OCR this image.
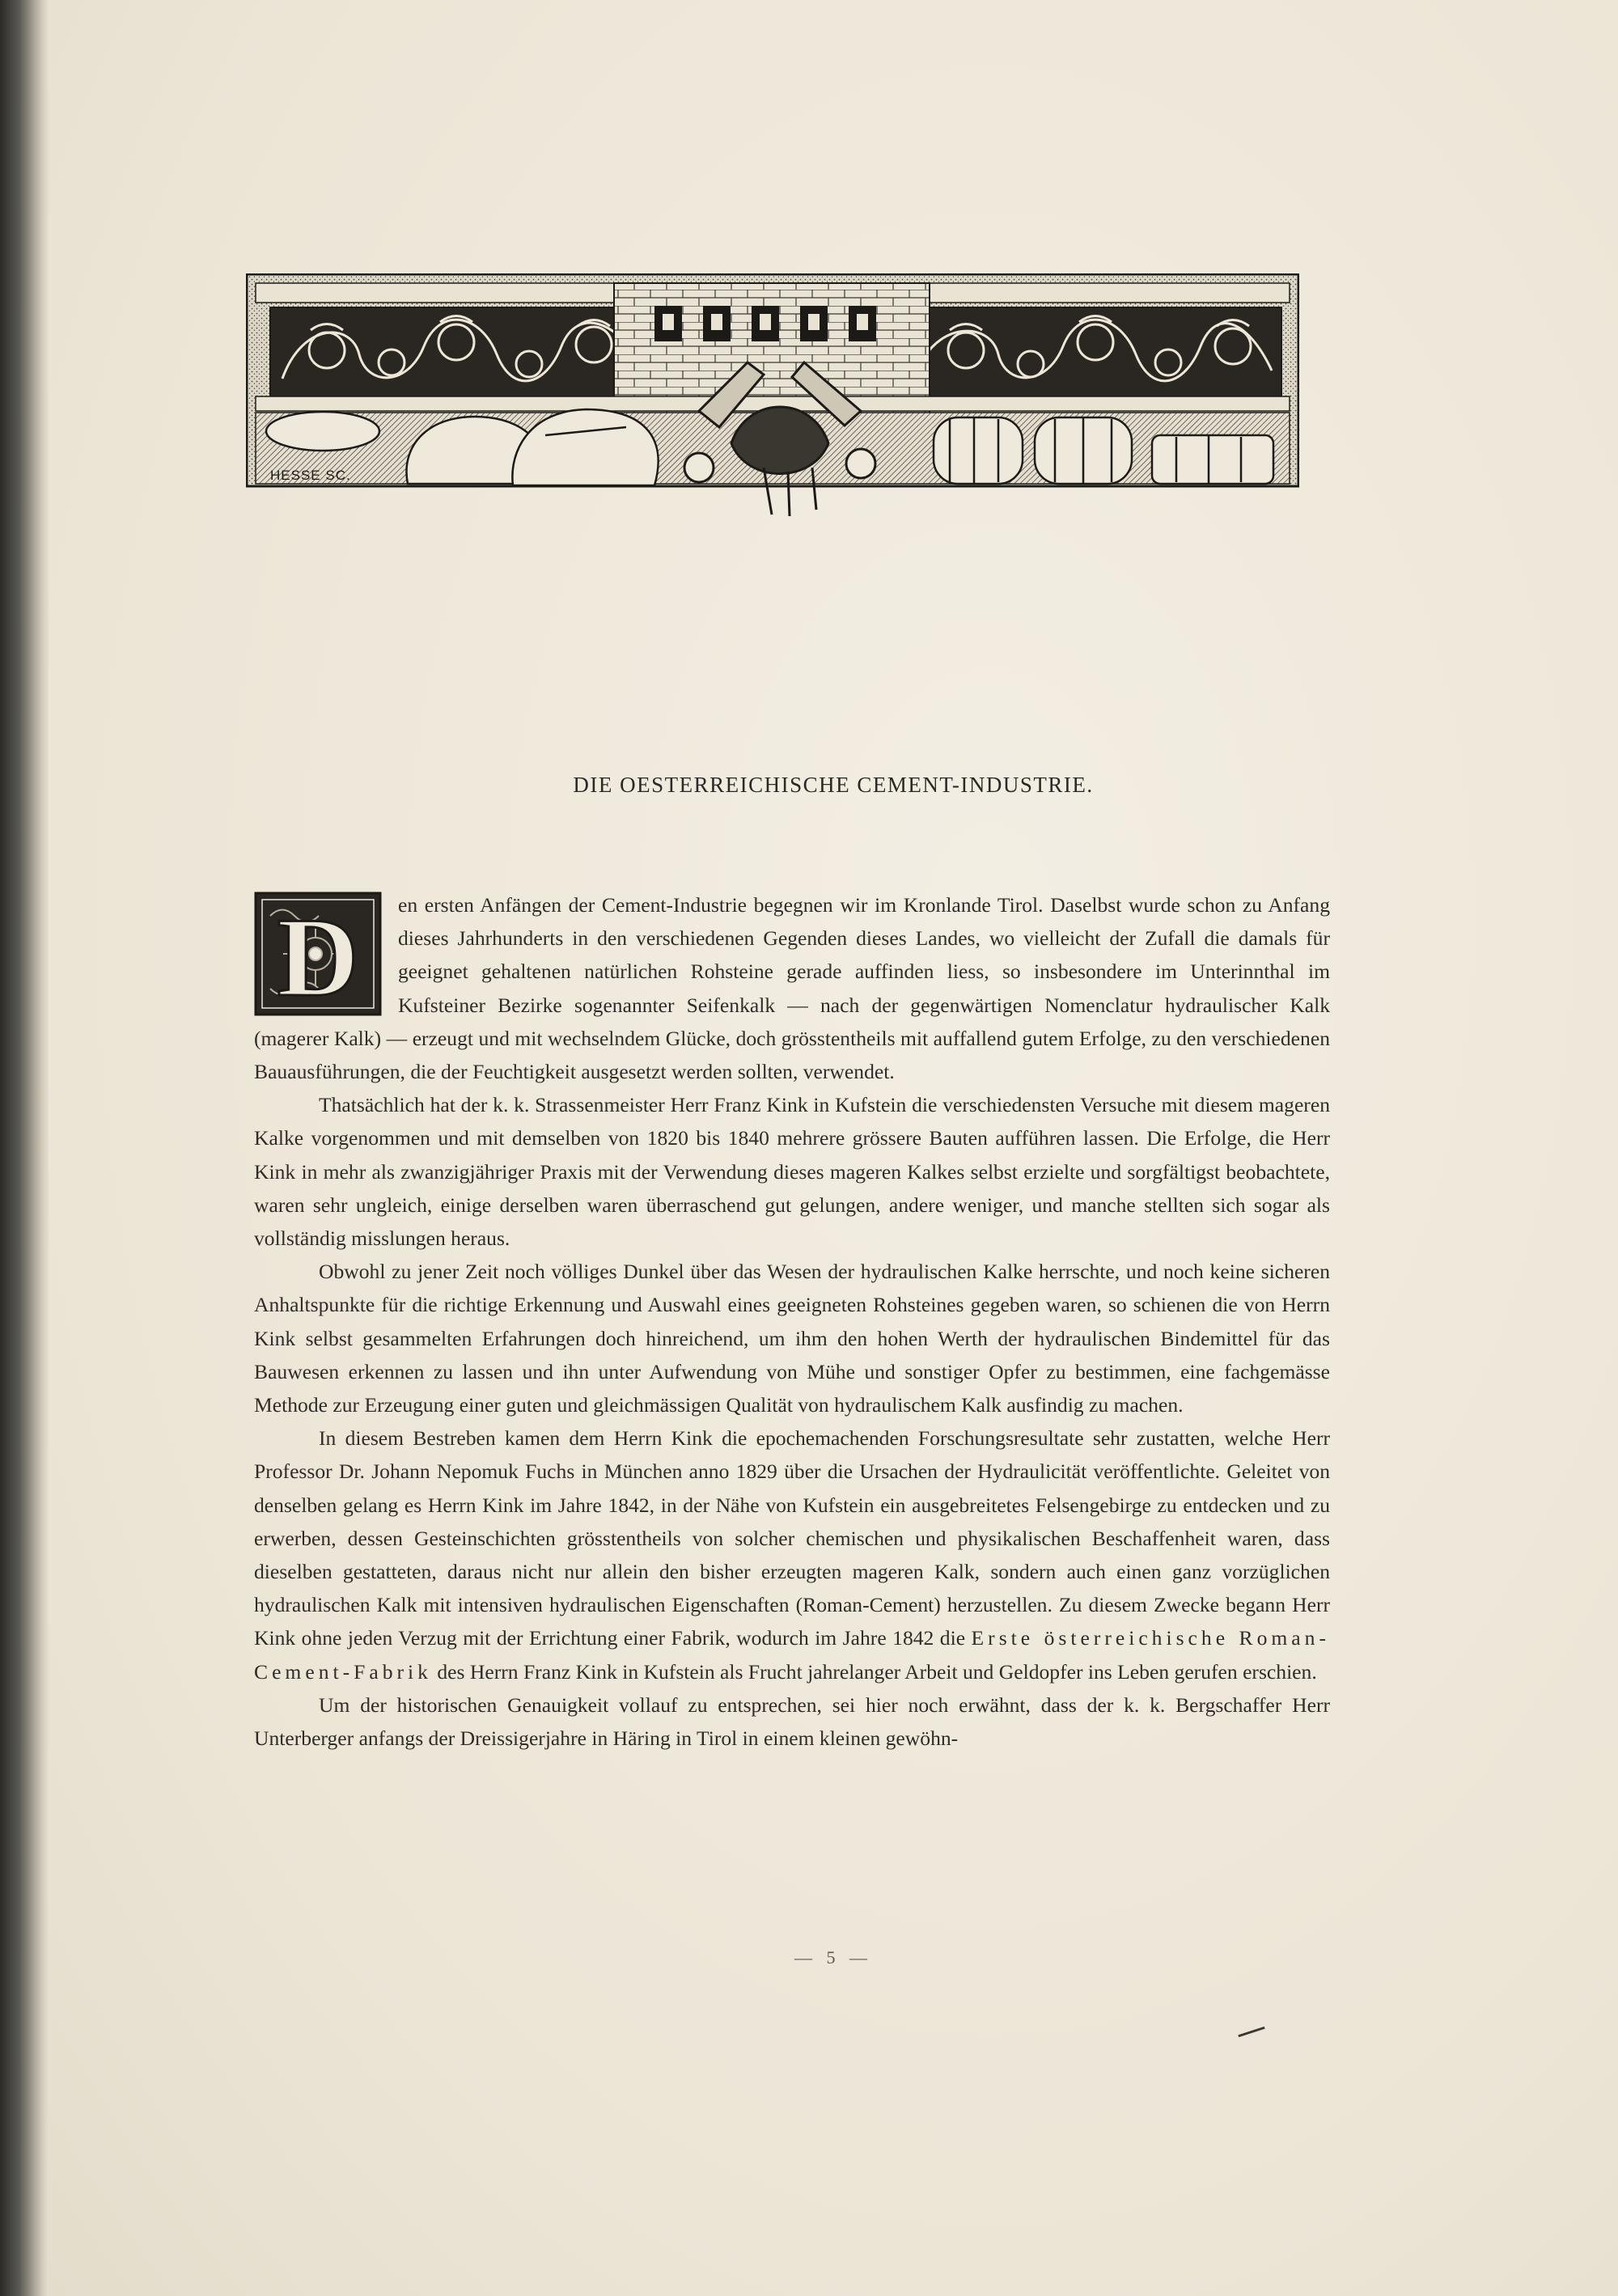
HESSE SC.
DIE OESTERREICHISCHE CEMENT-INDUSTRIE.

D en ersten Anfängen der Cement-Industrie begegnen wir im Kronlande Tirol. Daselbst wurde schon zu Anfang dieses Jahrhunderts in den verschiedenen Gegenden dieses Landes, wo vielleicht der Zufall die damals für geeignet gehaltenen natürlichen Rohsteine gerade auffinden liess, so insbesondere im Unterinnthal im Kufsteiner Bezirke sogenannter Seifenkalk — nach der gegenwärtigen Nomenclatur hydraulischer Kalk (magerer Kalk) — erzeugt und mit wechselndem Glücke, doch grösstentheils mit auffallend gutem Erfolge, zu den verschiedenen Bauausführungen, die der Feuchtigkeit ausgesetzt werden sollten, verwendet.

Thatsächlich hat der k. k. Strassenmeister Herr Franz Kink in Kufstein die verschiedensten Versuche mit diesem mageren Kalke vorgenommen und mit demselben von 1820 bis 1840 mehrere grössere Bauten aufführen lassen. Die Erfolge, die Herr Kink in mehr als zwanzigjähriger Praxis mit der Verwendung dieses mageren Kalkes selbst erzielte und sorgfältigst beobachtete, waren sehr ungleich, einige derselben waren überraschend gut gelungen, andere weniger, und manche stellten sich sogar als vollständig misslungen heraus.

Obwohl zu jener Zeit noch völliges Dunkel über das Wesen der hydraulischen Kalke herrschte, und noch keine sicheren Anhaltspunkte für die richtige Erkennung und Auswahl eines geeigneten Rohsteines gegeben waren, so schienen die von Herrn Kink selbst gesammelten Erfahrungen doch hinreichend, um ihm den hohen Werth der hydraulischen Bindemittel für das Bauwesen erkennen zu lassen und ihn unter Aufwendung von Mühe und sonstiger Opfer zu bestimmen, eine fachgemässe Methode zur Erzeugung einer guten und gleichmässigen Qualität von hydraulischem Kalk ausfindig zu machen.

In diesem Bestreben kamen dem Herrn Kink die epochemachenden Forschungsresultate sehr zustatten, welche Herr Professor Dr. Johann Nepomuk Fuchs in München anno 1829 über die Ursachen der Hydraulicität veröffentlichte. Geleitet von denselben gelang es Herrn Kink im Jahre 1842, in der Nähe von Kufstein ein ausgebreitetes Felsengebirge zu entdecken und zu erwerben, dessen Gesteinschichten grösstentheils von solcher chemischen und physikalischen Beschaffenheit waren, dass dieselben gestatteten, daraus nicht nur allein den bisher erzeugten mageren Kalk, sondern auch einen ganz vorzüglichen hydraulischen Kalk mit intensiven hydraulischen Eigenschaften (Roman-Cement) herzustellen. Zu diesem Zwecke begann Herr Kink ohne jeden Verzug mit der Errichtung einer Fabrik, wodurch im Jahre 1842 die Erste österreichische Roman-Cement-Fabrik des Herrn Franz Kink in Kufstein als Frucht jahrelanger Arbeit und Geldopfer ins Leben gerufen erschien.

Um der historischen Genauigkeit vollauf zu entsprechen, sei hier noch erwähnt, dass der k. k. Bergschaffer Herr Unterberger anfangs der Dreissigerjahre in Häring in Tirol in einem kleinen gewöhn-

— 5 —
